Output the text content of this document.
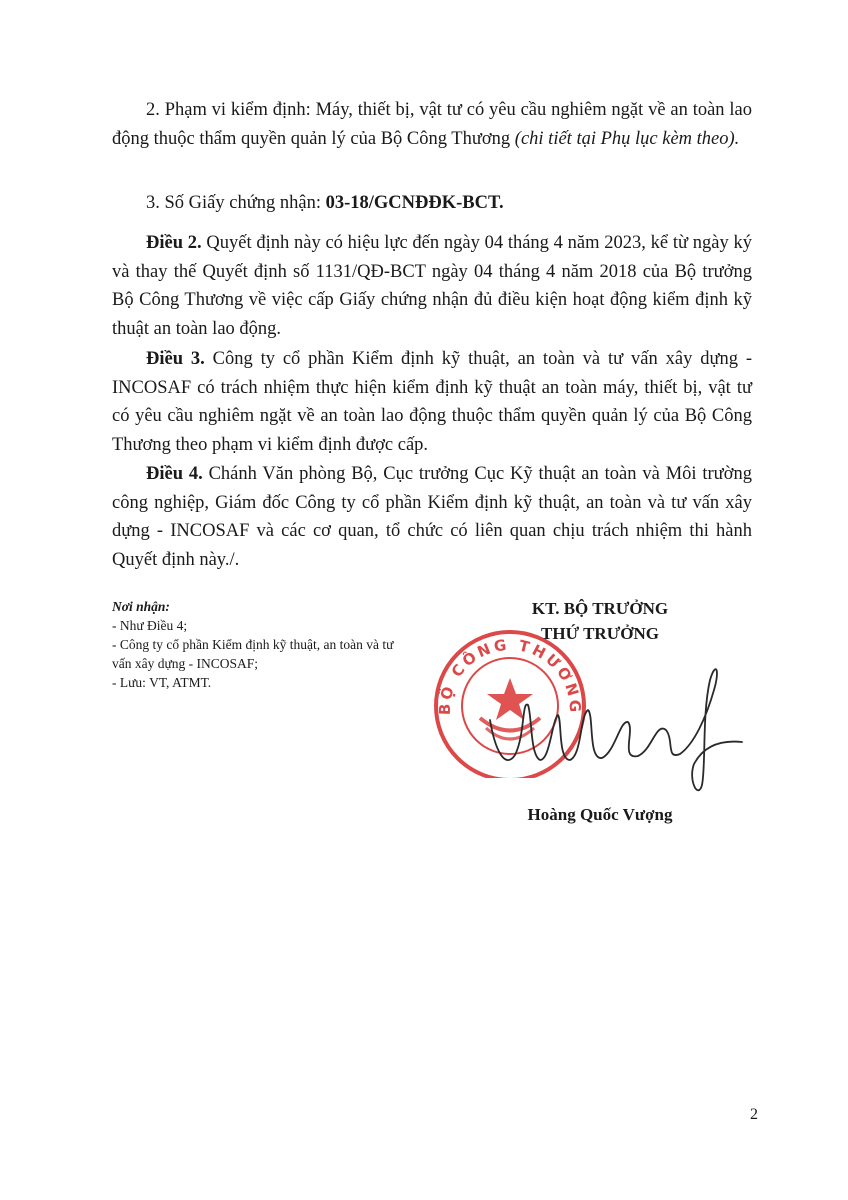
2. Phạm vi kiểm định: Máy, thiết bị, vật tư có yêu cầu nghiêm ngặt về an toàn lao động thuộc thẩm quyền quản lý của Bộ Công Thương (chi tiết tại Phụ lục kèm theo).

3. Số Giấy chứng nhận: 03-18/GCNĐĐK-BCT.

Điều 2. Quyết định này có hiệu lực đến ngày 04 tháng 4 năm 2023, kể từ ngày ký và thay thế Quyết định số 1131/QĐ-BCT ngày 04 tháng 4 năm 2018 của Bộ trưởng Bộ Công Thương về việc cấp Giấy chứng nhận đủ điều kiện hoạt động kiểm định kỹ thuật an toàn lao động.

Điều 3. Công ty cổ phần Kiểm định kỹ thuật, an toàn và tư vấn xây dựng - INCOSAF có trách nhiệm thực hiện kiểm định kỹ thuật an toàn máy, thiết bị, vật tư có yêu cầu nghiêm ngặt về an toàn lao động thuộc thẩm quyền quản lý của Bộ Công Thương theo phạm vi kiểm định được cấp.

Điều 4. Chánh Văn phòng Bộ, Cục trưởng Cục Kỹ thuật an toàn và Môi trường công nghiệp, Giám đốc Công ty cổ phần Kiểm định kỹ thuật, an toàn và tư vấn xây dựng - INCOSAF và các cơ quan, tổ chức có liên quan chịu trách nhiệm thi hành Quyết định này./.

Nơi nhận:
- Như Điều 4;
- Công ty cổ phần Kiểm định kỹ thuật, an toàn và tư vấn xây dựng - INCOSAF;
- Lưu: VT, ATMT.
BỘ CÔNG THƯƠNG
KT. BỘ TRƯỞNG
THỨ TRƯỞNG
Hoàng Quốc Vượng
2
